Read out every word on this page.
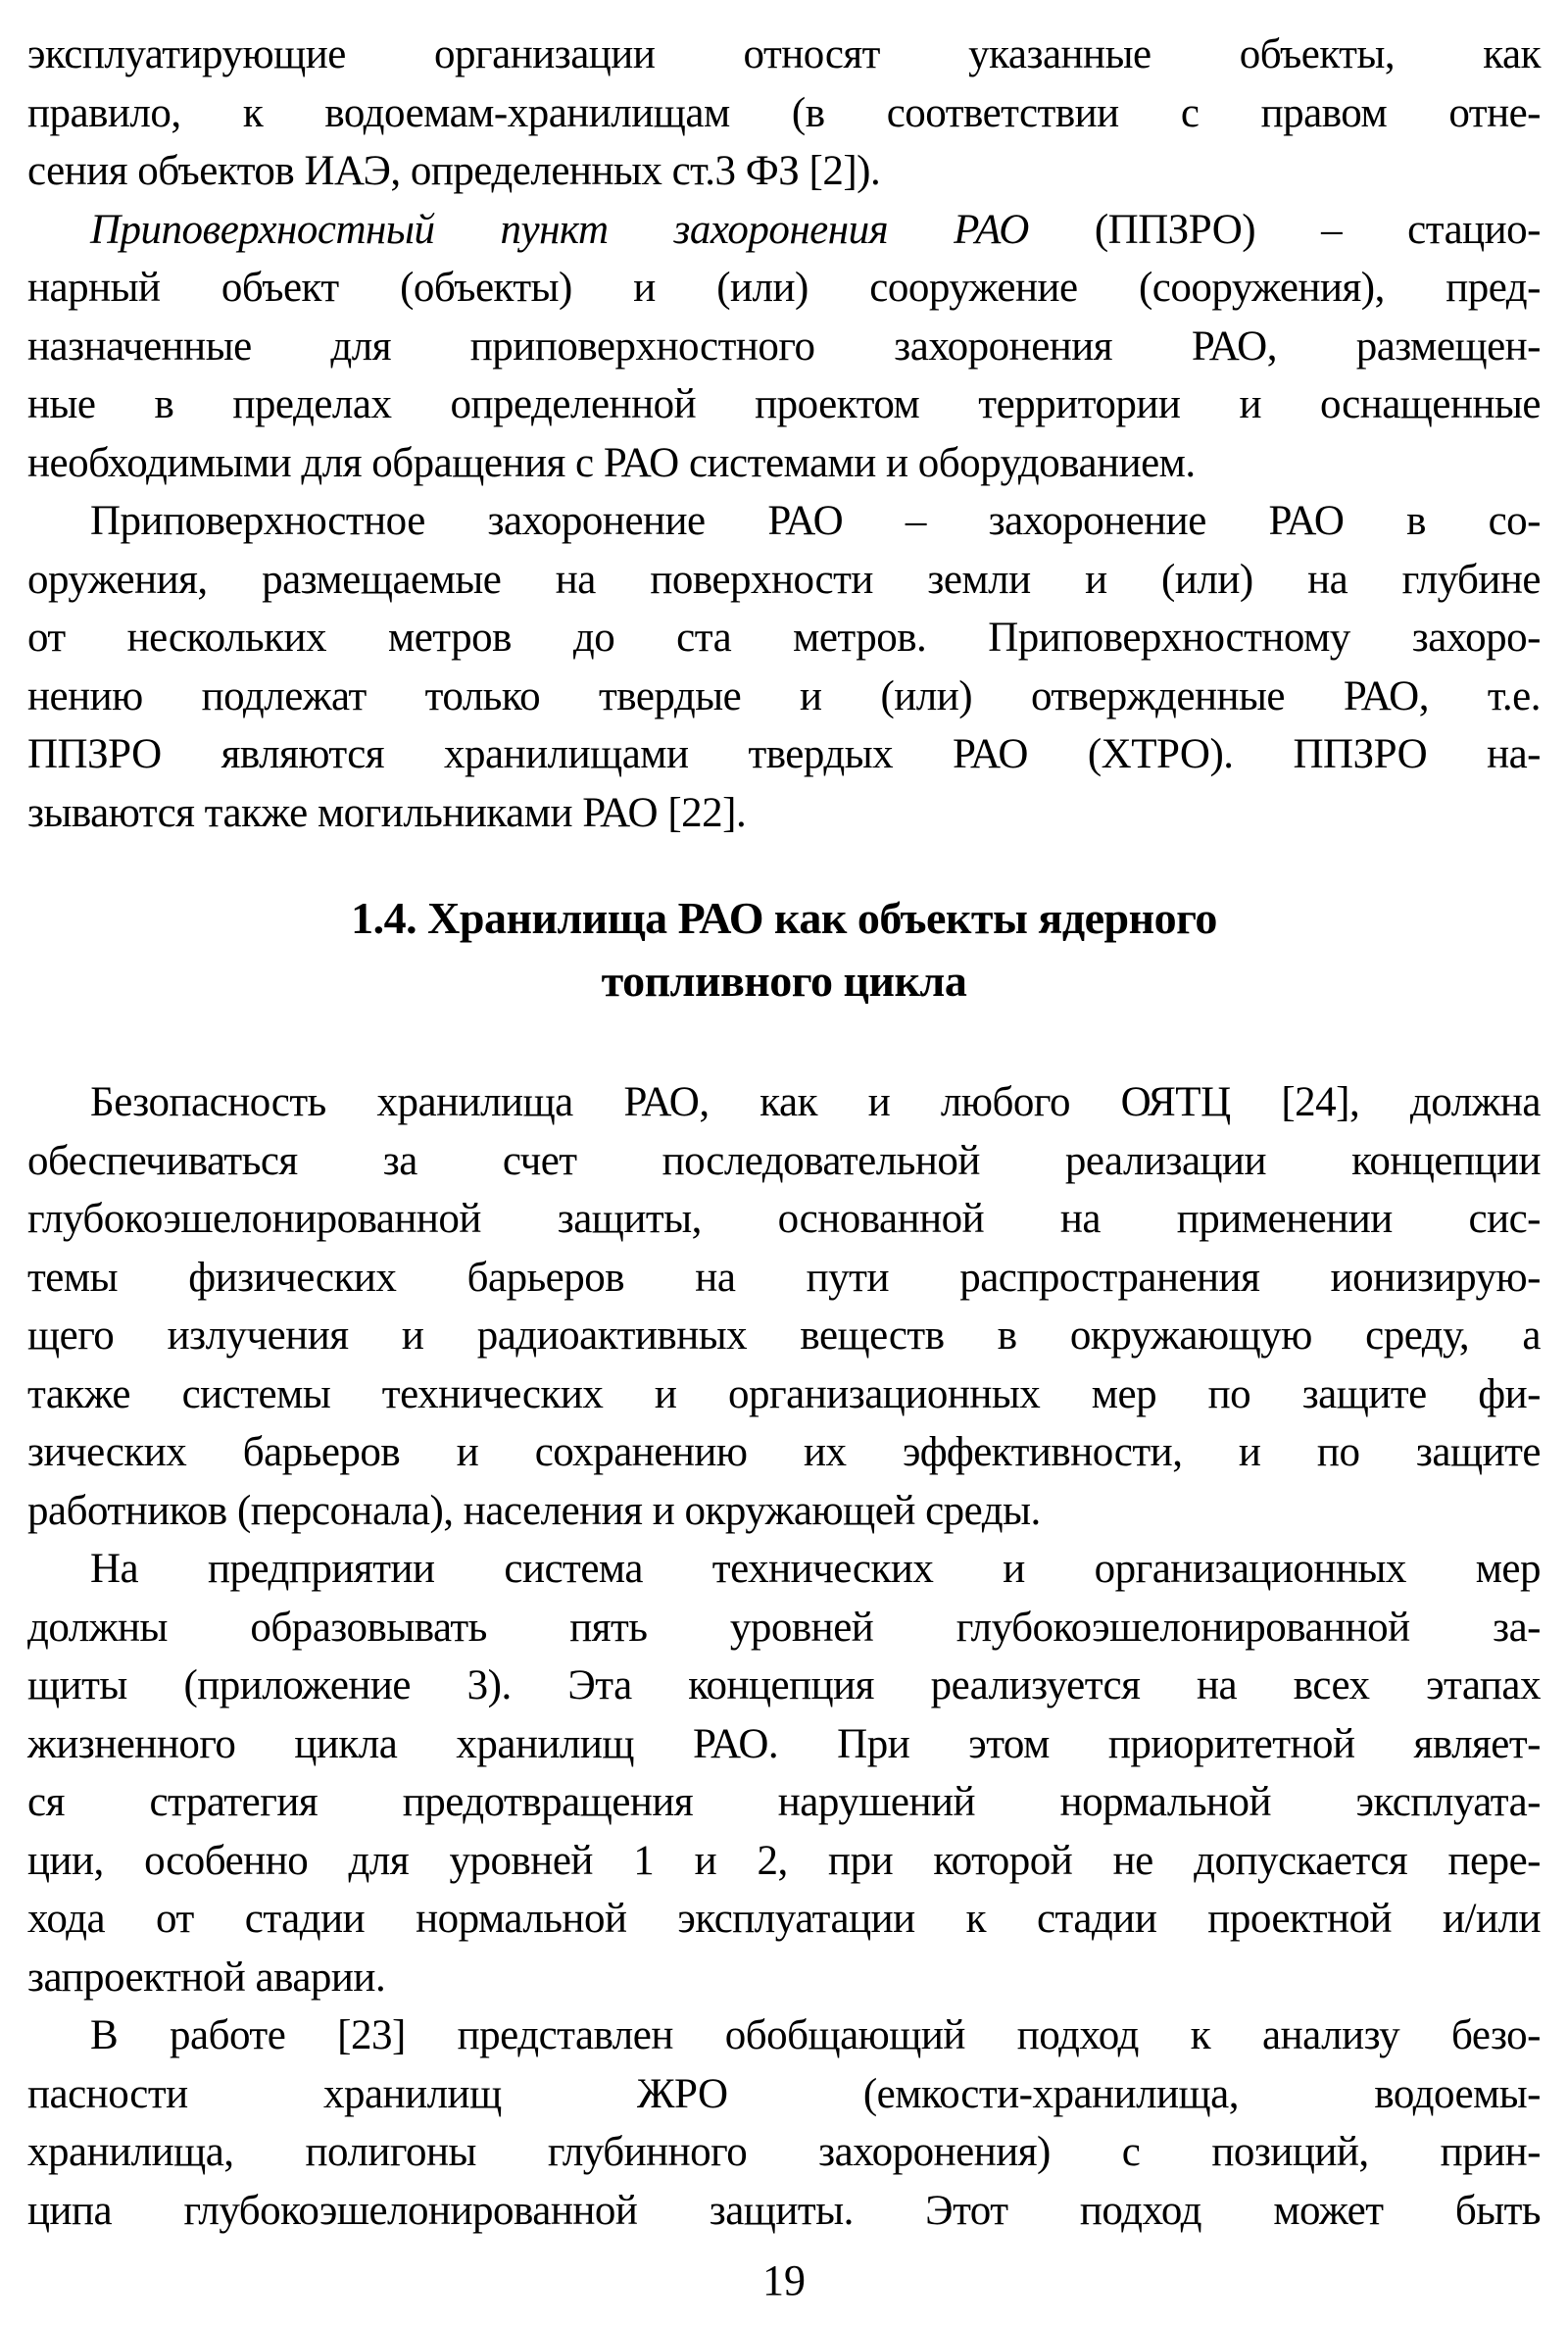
эксплуатирующие организации относят указанные объекты, как
правило, к водоемам-хранилищам (в соответствии с правом отне-
сения объектов ИАЭ, определенных ст.3 ФЗ [2]).
Приповерхностный пункт захоронения РАО (ППЗРО) – стацио-
нарный объект (объекты) и (или) сооружение (сооружения), пред-
назначенные для приповерхностного захоронения РАО, размещен-
ные в пределах определенной проектом территории и оснащенные
необходимыми для обращения с РАО системами и оборудованием.
Приповерхностное захоронение РАО – захоронение РАО в со-
оружения, размещаемые на поверхности земли и (или) на глубине
от нескольких метров до ста метров. Приповерхностному захоро-
нению подлежат только твердые и (или) отвержденные РАО, т.е.
ППЗРО являются хранилищами твердых РАО (ХТРО). ППЗРО на-
зываются также могильниками РАО [22].
1.4. Хранилища РАО как объекты ядерного
топливного цикла
Безопасность хранилища РАО, как и любого ОЯТЦ [24], должна
обеспечиваться за счет последовательной реализации концепции
глубокоэшелонированной защиты, основанной на применении сис-
темы физических барьеров на пути распространения ионизирую-
щего излучения и радиоактивных веществ в окружающую среду, а
также системы технических и организационных мер по защите фи-
зических барьеров и сохранению их эффективности, и по защите
работников (персонала), населения и окружающей среды.
На предприятии система технических и организационных мер
должны образовывать пять уровней глубокоэшелонированной за-
щиты (приложение 3). Эта концепция реализуется на всех этапах
жизненного цикла хранилищ РАО. При этом приоритетной являет-
ся стратегия предотвращения нарушений нормальной эксплуата-
ции, особенно для уровней 1 и 2, при которой не допускается пере-
хода от стадии нормальной эксплуатации к стадии проектной и/или
запроектной аварии.
В работе [23] представлен обобщающий подход к анализу безо-
пасности хранилищ ЖРО (емкости-хранилища, водоемы-
хранилища, полигоны глубинного захоронения) с позиций, прин-
ципа глубокоэшелонированной защиты. Этот подход может быть
19
